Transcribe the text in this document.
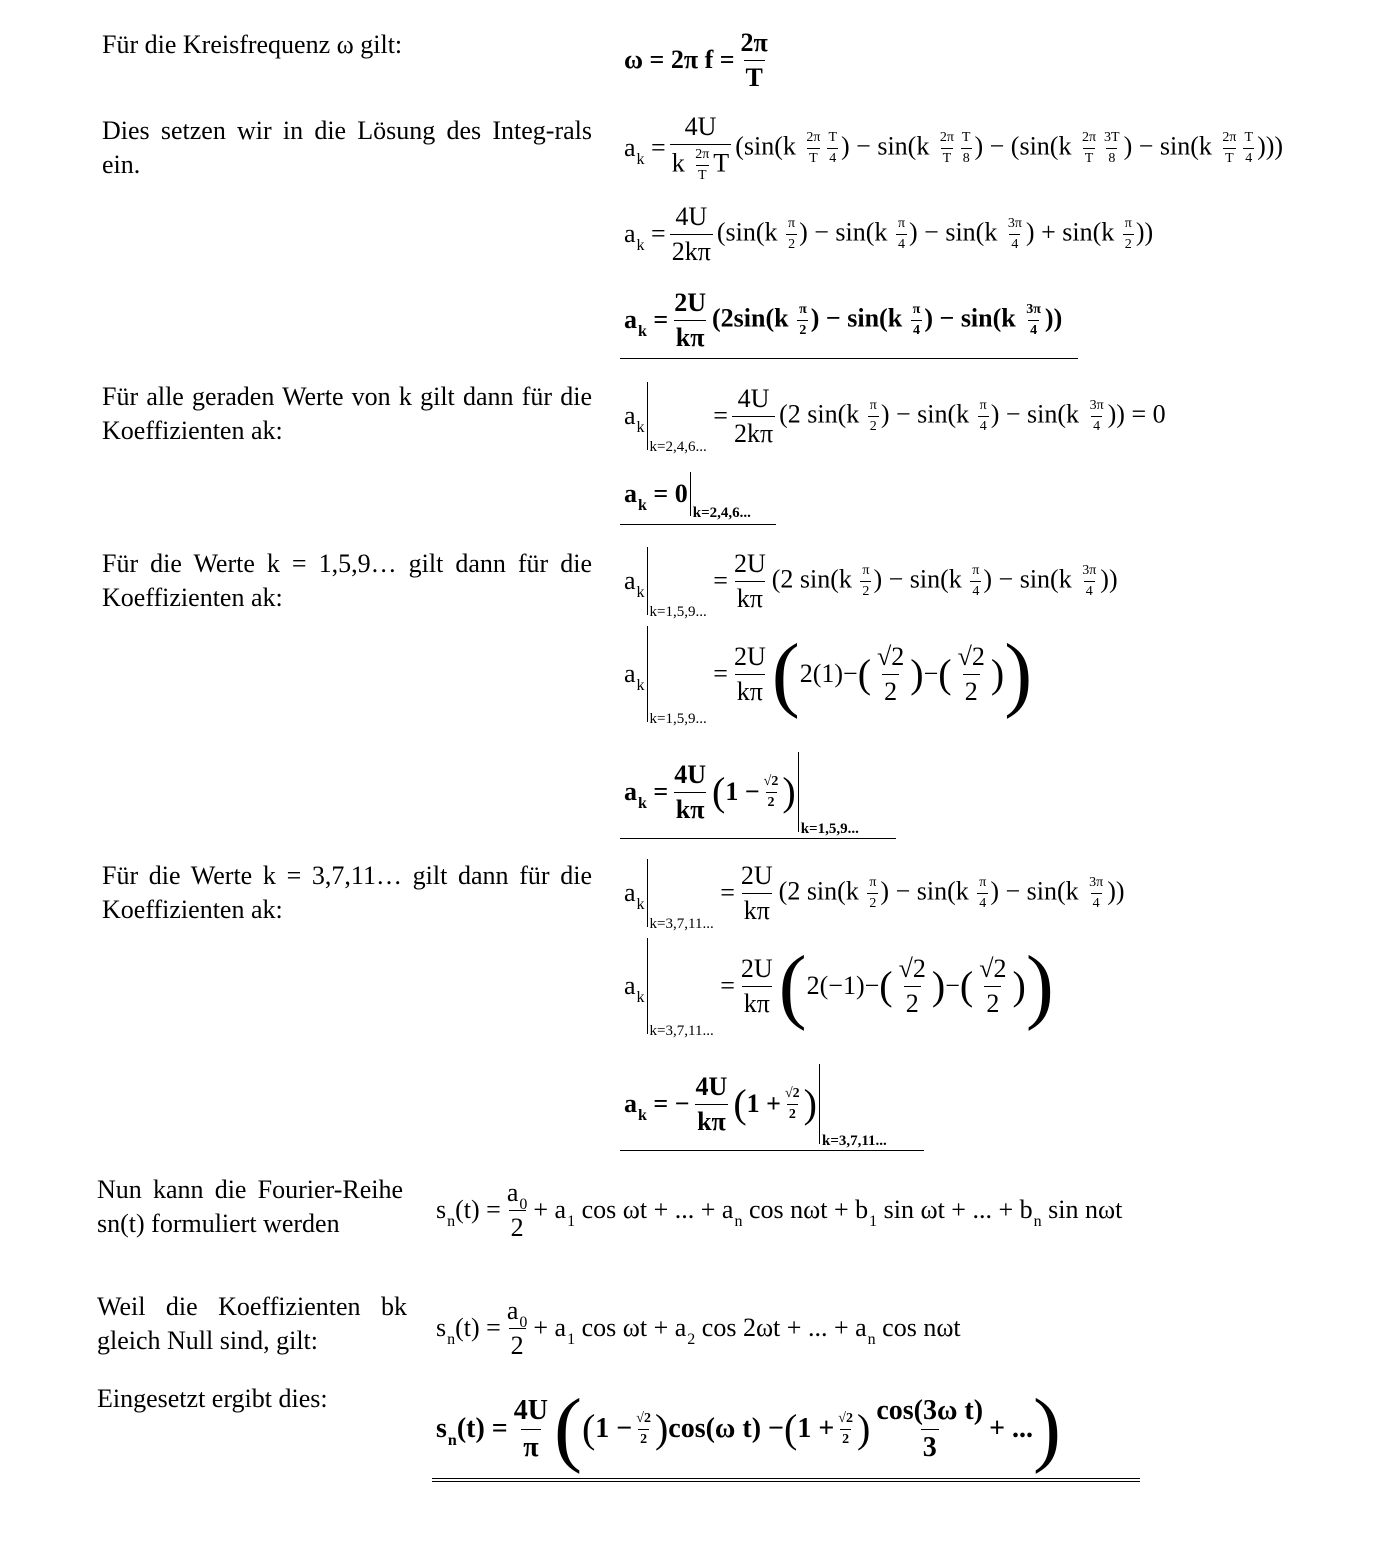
Für die Kreisfrequenz ω gilt:
Dies setzen wir in die Lösung des Integ-rals ein.
Für alle geraden Werte von k gilt dann für die Koeffizienten ak:
Für die Werte k = 1,5,9… gilt dann für die Koeffizienten ak:
Für die Werte k = 3,7,11… gilt dann für die Koeffizienten ak:
Nun kann die Fourier-Reihe sn(t) formuliert werden
Weil die Koeffizienten bk gleich Null sind, gilt:
Eingesetzt ergibt dies:
ω = 2π $f = \frac{2\pi}{T}$
$a_k = \frac{4U}{k \frac{2\pi}{T} T} (\sin(k \frac{2\pi}{T} \frac{T}{4}$ ) − $\sin(k \frac{2\pi}{T} \frac{T}{8}$ ) − ($\sin(k \frac{2\pi}{T} \frac{3T}{8}$ ) − $\sin(k \frac{2\pi}{T} \frac{T}{4}$ )))
$a_k = \frac{4U}{2k\pi} (\sin(k \frac{\pi}{2}$ ) − $\sin(k \frac{\pi}{4}$ ) − $\sin(k \frac{3\pi}{4}$ ) + $\sin(k \frac{\pi}{2}$ ))
$a_k = \frac{2U}{k\pi} (2\sin(k \frac{\pi}{2}$ ) − $\sin(k \frac{\pi}{4}$ ) − $\sin(k \frac{3\pi}{4}$ ))
$a_k$
k=2,4,6...
= $\frac{4U}{2k\pi} (2$ $\sin(k \frac{\pi}{2}$ ) − $\sin(k \frac{\pi}{4}$ ) − $\sin(k \frac{3\pi}{4}$ )) = 0
$a_k = 0$
k=2,4,6...
$a_k$
k=1,5,9...
= $\frac{2U}{k\pi} (2$ $\sin(k \frac{\pi}{2}$ ) − $\sin(k \frac{\pi}{4}$ ) − $\sin(k \frac{3\pi}{4}$ ))
$a_k$
k=1,5,9...
= $\frac{2U}{k\pi}$ ( 2(1)− ( $\frac{√2}{2}$ ) − ( $\frac{√2}{2}$ ) )
$a_k = \frac{4U}{k\pi}$ ( $1 - \frac{√2}{2}$ )
k=1,5,9...
$a_k$
k=3,7,11...
= $\frac{2U}{k\pi} (2$ $\sin(k \frac{\pi}{2}$ ) − $\sin(k \frac{\pi}{4}$ ) − $\sin(k \frac{3\pi}{4}$ ))
$a_k$
k=3,7,11...
= $\frac{2U}{k\pi}$ ( 2(−1)− ( $\frac{√2}{2}$ ) − ( $\frac{√2}{2}$ ) )
$a_k$ = − $\frac{4U}{k\pi}$ ( $1 + \frac{√2}{2}$ )
k=3,7,11...
$s_n(t) = \frac{a_0}{2} + a_1$ cos ωt + ... + $a_n$ $\cos n\omega t + b_1$ sin ωt + ... + $b_n$ sin nωt
$s_n(t) = \frac{a_0}{2} + a_1$ $\cos \omega t + a_2$ cos 2ωt + ... + $a_n$ cos nωt
$s_n(t) = \frac{4U}{\pi}$ ( ( $1 - \frac{√2}{2}$ ) cos(ω t) − ( $1 + \frac{√2}{2}$ ) $\frac{\text{cos(3ω t)}}{3}$ + ... )
